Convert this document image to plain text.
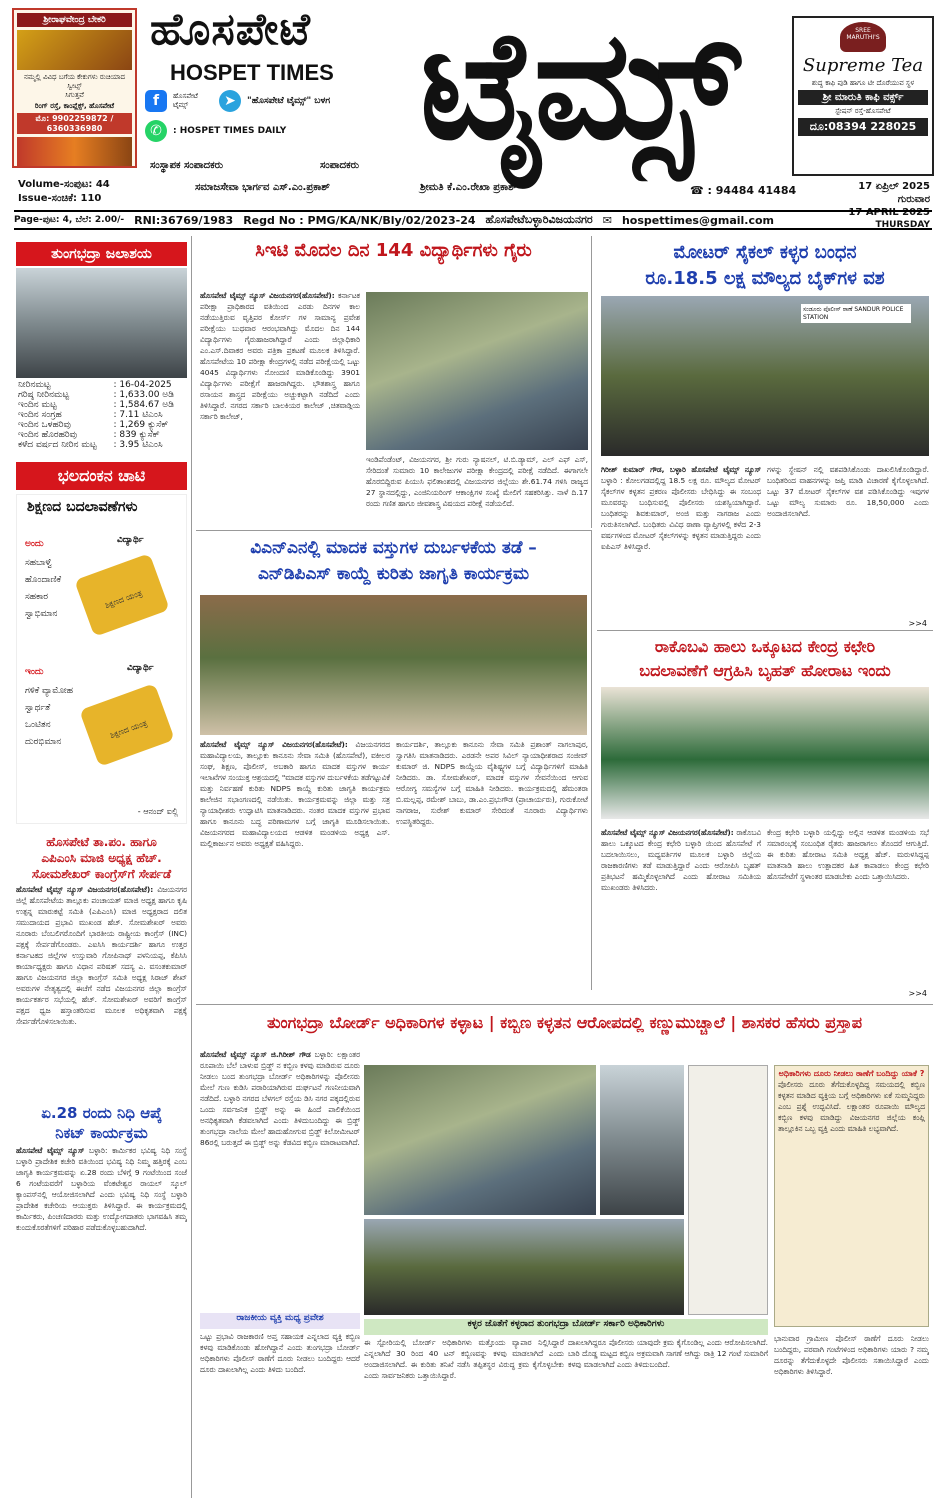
ಶ್ರೀರಾಘವೇಂದ್ರ ಬೇಕರಿ
ನಮ್ಮಲ್ಲಿ ವಿವಿಧ ಬಗೆಯ ಕೇಕುಗಳು ರುಚಿಯಾದ ಸ್ವೀಟ್ಸ್
ಸಿಗುತ್ತವೆ
ರಿಂಗ್ ರಸ್ತೆ, ಕಾಂಪ್ಲೆಕ್ಸ್, ಹೊಸಪೇಟೆ
ಮೊ: 9902259872 / 6360336980
ಹೊಸಪೇಟೆ
HOSPET TIMES ಟೈಮ್ಸ್
f	ಹೊಸಪೇಟೆ ಟೈಮ್ಸ್	➤	"ಹೊಸಪೇಟೆ ಟೈಮ್ಸ್" ಬಳಗ
✆	: HOSPET TIMES DAILY
SREE MARUTHI'S
Supreme Tea
ಶುದ್ಧ ಕಾಫಿ ಪುಡಿ ಹಾಗೂ ಟೀ ದೊರೆಯುವ ಸ್ಥಳ
ಶ್ರೀ ಮಾರುತಿ ಕಾಫಿ ವರ್ಕ್ಸ್
ಸ್ಟೇಷನ್ ರಸ್ತೆ-ಹೊಸಪೇಟೆ
ದೂ:08394 228025
ಸಂಸ್ಥಾಪಕ ಸಂಪಾದಕರು	ಸಂಪಾದಕರು
ಸಮಾಜಸೇವಾ ಭಾರ್ಗವ ಎಸ್.ಎಂ.ಪ್ರಕಾಶ್	ಶ್ರೀಮತಿ ಕೆ.ಎಂ.ರೇಖಾ ಪ್ರಕಾಶ್
Volume-ಸಂಪುಟ: 44
Issue-ಸಂಚಿಕೆ: 110
☎ : 94484 41484	17 ಏಪ್ರಿಲ್ 2025
ಗುರುವಾರ
17 APRIL 2025
THURSDAY
Page-ಪುಟ: 4, ಬೆಲೆ: 2.00/- RNI:36769/1983 Regd No : PMG/KA/NK/Bly/02/2023-24 ಹೊಸಪೇಟೆಬಳ್ಳಾರಿವಿಜಯನಗರ ✉ hospettimes@gmail.com
ತುಂಗಭದ್ರಾ ಜಲಾಶಯ
ನೀರಿನಮಟ್ಟ	: 16-04-2025
ಗರಿಷ್ಠ ನೀರಿನಮಟ್ಟ	: 1,633.00 ಅಡಿ
ಇಂದಿನ ಮಟ್ಟ	: 1,584.67 ಅಡಿ
ಇಂದಿನ ಸಂಗ್ರಹ	: 7.11 ಟಿಎಂಸಿ
ಇಂದಿನ ಒಳಹರಿವು	: 1,269 ಕ್ಯುಸೆಕ್
ಇಂದಿನ ಹೊರಹರಿವು	: 839 ಕ್ಯುಸೆಕ್
ಕಳೆದ ವರ್ಷದ ನೀರಿನ ಮಟ್ಟ	: 3.95 ಟಿಎಂಸಿ
ಭಲದಂಕನ ಚಾಟಿ
ಶಿಕ್ಷಣದ ಬದಲಾವಣೆಗಳು
ಅಂದು
ಸಹಬಾಳ್ವೆ
ಹೊಂದಾಣಿಕೆ
ಸಹಕಾರ
ಸ್ವಾಭಿಮಾನ
ವಿದ್ಯಾರ್ಥಿ
ಶಿಕ್ಷಣದ ಯಂತ್ರ
ಇಂದು
ಗಳಿಕೆ ವ್ಯಾಮೋಹ
ಸ್ವಾರ್ಥತೆ
ಒಂಟಿತನ
ದುರಭಿಮಾನ
ವಿದ್ಯಾರ್ಥಿ
ಶಿಕ್ಷಣದ ಯಂತ್ರ
- ಆನಂದ್ ಐಲ್ಲಿ
ಹೊಸಪೇಟೆ ತಾ.ಪಂ. ಹಾಗೂ
ಎಪಿಎಂಸಿ ಮಾಜಿ ಅಧ್ಯಕ್ಷ ಹೆಚ್.
ಸೋಮಶೇಖರ್ ಕಾಂಗ್ರೆಸ್‌ಗೆ ಸೇರ್ಪಡೆ
ಹೊಸಪೇಟೆ ಟೈಮ್ಸ್ ನ್ಯೂಸ್ ವಿಜಯನಗರ(ಹೊಸಪೇಟೆ): ವಿಜಯನಗರ ಜಿಲ್ಲೆ ಹೊಸಪೇಟೆಯ ತಾಲ್ಲೂಕು ಪಂಚಾಯತ್ ಮಾಜಿ ಅಧ್ಯಕ್ಷ ಹಾಗೂ ಕೃಷಿ ಉತ್ಪನ್ನ ಮಾರುಕಟ್ಟೆ ಸಮಿತಿ (ಎಪಿಎಂಸಿ) ಮಾಜಿ ಅಧ್ಯಕ್ಷರಾದ ದಲಿತ ಸಮುದಾಯದ ಪ್ರಭಾವಿ ಮುಖಂಡ ಹೆಚ್. ಸೋಮಶೇಖರ್ ಅವರು ನೂರಾರು ಬೆಂಬಲಿಗರೊಂದಿಗೆ ಭಾರತೀಯ ರಾಷ್ಟ್ರೀಯ ಕಾಂಗ್ರೆಸ್ (INC) ಪಕ್ಷಕ್ಕೆ ಸೇರ್ಪಡೆಗೊಂಡರು. ಎಐಸಿಸಿ ಕಾರ್ಯದರ್ಶಿ ಹಾಗೂ ಉತ್ತರ ಕರ್ನಾಟಕದ ಜಿಲ್ಲೆಗಳ ಉಸ್ತುವಾರಿ ಗೋಪಿನಾಥ್ ಪಳನಿಯಪ್ಪ, ಕೆಪಿಸಿಸಿ ಕಾರ್ಯಾಧ್ಯಕ್ಷರು ಹಾಗೂ ವಿಧಾನ ಪರಿಷತ್ ಸದಸ್ಯ ಎ. ವಸಂತಕುಮಾರ್ ಹಾಗೂ ವಿಜಯನಗರ ಜಿಲ್ಲಾ ಕಾಂಗ್ರೆಸ್ ಸಮಿತಿ ಅಧ್ಯಕ್ಷ ಸಿರಾಜ್ ಶೇಖ್ ಅವರುಗಳ ನೇತೃತ್ವದಲ್ಲಿ ಈಚೆಗೆ ನಡೆದ ವಿಜಯನಗರ ಜಿಲ್ಲಾ ಕಾಂಗ್ರೆಸ್ ಕಾರ್ಯಕರ್ತರ ಸಭೆಯಲ್ಲಿ ಹೆಚ್. ಸೋಮಶೇಖರ್ ಅವರಿಗೆ ಕಾಂಗ್ರೆಸ್ ಪಕ್ಷದ ಧ್ವಜ ಹಸ್ತಾಂತರಿಸುವ ಮೂಲಕ ಅಧಿಕೃತವಾಗಿ ಪಕ್ಷಕ್ಕೆ ಸೇರ್ಪಡೆಗೊಳಿಸಲಾಯಿತು.
ಏ.28 ರಂದು ನಿಧಿ ಆಪ್ಕೆ
ನಿಕಟ್ ಕಾರ್ಯಕ್ರಮ
ಹೊಸಪೇಟೆ ಟೈಮ್ಸ್ ನ್ಯೂಸ್ ಬಳ್ಳಾರಿ: ಕಾರ್ಮಿಕರ ಭವಿಷ್ಯ ನಿಧಿ ಸಂಸ್ಥೆ ಬಳ್ಳಾರಿ ಪ್ರಾದೇಶಿಕ ಕಚೇರಿ ವತಿಯಿಂದ ಭವಿಷ್ಯ ನಿಧಿ ನಿಮ್ಮ ಹತ್ತಿರಕ್ಕೆ ಎಂಬ ಜಾಗೃತಿ ಕಾರ್ಯಕ್ರಮವನ್ನು ಏ.28 ರಂದು ಬೆಳಿಗ್ಗೆ 9 ಗಂಟೆಯಿಂದ ಸಂಜೆ 6 ಗಂಟೆಯವರೆಗೆ ಬಳ್ಳಾರಿಯ ವೆಂಕಟೇಶ್ವರ ರಾಯಲ್ ಸ್ಕೂಲ್ ಕ್ಯಾಂಪಸ್‌ನಲ್ಲಿ ಆಯೋಜಿಸಲಾಗಿದೆ ಎಂದು ಭವಿಷ್ಯ ನಿಧಿ ಸಂಸ್ಥೆ ಬಳ್ಳಾರಿ ಪ್ರಾದೇಶಿಕ ಕಚೇರಿಯ ಆಯುಕ್ತರು ತಿಳಿಸಿದ್ದಾರೆ. ಈ ಕಾರ್ಯಕ್ರಮದಲ್ಲಿ ಕಾರ್ಮಿಕರು, ಪಿಂಚಣಿದಾರರು ಮತ್ತು ಉದ್ಯೋಗದಾತರು ಭಾಗವಹಿಸಿ ತಮ್ಮ ಕುಂದುಕೊರತೆಗಳಿಗೆ ಪರಿಹಾರ ಪಡೆದುಕೊಳ್ಳಬಹುದಾಗಿದೆ.
ಸಿಇಟಿ ಮೊದಲ ದಿನ 144 ವಿದ್ಯಾರ್ಥಿಗಳು ಗೈರು
ಹೊಸಪೇಟೆ ಟೈಮ್ಸ್ ನ್ಯೂಸ್ ವಿಜಯನಗರ(ಹೊಸಪೇಟೆ): ಕರ್ನಾಟಕ ಪರೀಕ್ಷಾ ಪ್ರಾಧಿಕಾರದ ವತಿಯಿಂದ ಎರಡು ದಿನಗಳ ಕಾಲ ನಡೆಯುತ್ತಿರುವ ವೃತ್ತಿಪರ ಕೋರ್ಸ್ ಗಳ ಸಾಮಾನ್ಯ ಪ್ರವೇಶ ಪರೀಕ್ಷೆಯು ಬುಧವಾರ ಆರಂಭವಾಗಿದ್ದು ಮೊದಲ ದಿನ 144 ವಿದ್ಯಾರ್ಥಿಗಳು ಗೈರುಹಾಜರಾಗಿದ್ದಾರೆ ಎಂದು ಜಿಲ್ಲಾಧಿಕಾರಿ ಎಂ.ಎಸ್.ದಿವಾಕರ ಅವರು ಪತ್ರಿಕಾ ಪ್ರಕಟಣೆ ಮೂಲಕ ತಿಳಿಸಿದ್ದಾರೆ. ಹೊಸಪೇಟೆಯ 10 ಪರೀಕ್ಷಾ ಕೇಂದ್ರಗಳಲ್ಲಿ ನಡೆದ ಪರೀಕ್ಷೆಯಲ್ಲಿ ಒಟ್ಟು 4045 ವಿದ್ಯಾರ್ಥಿಗಳು ನೋಂದಣಿ ಮಾಡಿಕೊಂಡಿದ್ದು 3901 ವಿದ್ಯಾರ್ಥಿಗಳು ಪರೀಕ್ಷೆಗೆ ಹಾಜರಾಗಿದ್ದರು. ಭೌತಶಾಸ್ತ್ರ ಹಾಗೂ ರಸಾಯನ ಶಾಸ್ತ್ರದ ಪರೀಕ್ಷೆಯು ಅಚ್ಚುಕಟ್ಟಾಗಿ ನಡೆದಿದೆ ಎಂದು ತಿಳಿಸಿದ್ದಾರೆ. ನಗರದ ಸರ್ಕಾರಿ ಬಾಲಕಿಯರ ಕಾಲೇಜ್ ,ಚಿತವಾಡ್ಗಿಯ ಸರ್ಕಾರಿ ಕಾಲೇಜ್,
ಇಂಡಿಪೆಂಡೆಂಟ್, ವಿಜಯನಗರ, ಶ್ರೀ ಗುರು ನ್ಯಾಷನಲ್, ಟಿ.ಬಿ.ಡ್ಯಾಮ್, ಎಲ್ ಎಫ್ ಎಸ್, ಸೇರಿದಂತೆ ಸುಮಾರು 10 ಕಾಲೇಜುಗಳ ಪರೀಕ್ಷಾ ಕೇಂದ್ರದಲ್ಲಿ ಪರೀಕ್ಷೆ ನಡೆದಿದೆ. ಈಗಾಗಲೇ ಹೊರಬಿದ್ದಿರುವ ಪಿಯುಸಿ ಫಲಿತಾಂಶದಲ್ಲಿ ವಿಜಯನಗರ ಜಿಲ್ಲೆಯು ಶೇ.61.74 ಗಳಿಸಿ ರಾಜ್ಯದ 27 ಸ್ಥಾನದಲ್ಲಿದ್ದು, ಎಂಜಿನಿಯರಿಂಗ್ ಆಕಾಂಕ್ಷಿಗಳ ಸಂಖ್ಯೆ ಮೇಲಿಗೆ ಸಹಕರಿಸಿತ್ತು. ನಾಳೆ ದಿ.17 ರಂದು ಗಣಿತ ಹಾಗೂ ಜೀವಶಾಸ್ತ್ರ ವಿಷಯದ ಪರೀಕ್ಷೆ ನಡೆಯಲಿದೆ.
ಮೋಟರ್ ಸೈಕಲ್ ಕಳ್ಳರ ಬಂಧನ
ರೂ.18.5 ಲಕ್ಷ ಮೌಲ್ಯದ ಬೈಕ್‌ಗಳ ವಶ
ಸಂಡೂರು ಪೊಲೀಸ್ ಠಾಣೆ SANDUR POLICE STATION
ಗಿರೀಶ್ ಕುಮಾರ್ ಗೌಡ, ಬಳ್ಳಾರಿ ಹೊಸಪೇಟೆ ಟೈಮ್ಸ್ ನ್ಯೂಸ್ ಬಳ್ಳಾರಿ : ಕೋಲಗಡದಲ್ಲಿದ್ದ 18.5 ಲಕ್ಷ ರೂ. ಮೌಲ್ಯದ ಮೋಟರ್ ಸೈಕಲ್‌ಗಳ ಕಳ್ಳತನ ಪ್ರಕರಣ ಪೊಲೀಸರು ಬೇಧಿಸಿದ್ದು ಈ ಸಂಬಂಧ ಮೂವರನ್ನು ಬಂಧಿಸುವಲ್ಲಿ ಪೊಲೀಸರು ಯಶಸ್ವಿಯಾಗಿದ್ದಾರೆ. ಬಂಧಿತರನ್ನು ಶಿವಕುಮಾರ್, ಅಂಜಿ ಮತ್ತು ನಾಗರಾಜ ಎಂದು ಗುರುತಿಸಲಾಗಿದೆ. ಬಂಧಿತರು ವಿವಿಧ ಠಾಣಾ ವ್ಯಾಪ್ತಿಗಳಲ್ಲಿ ಕಳೆದ 2-3 ವರ್ಷಗಳಿಂದ ಮೋಟರ್ ಸೈಕಲ್‌ಗಳನ್ನು ಕಳ್ಳತನ ಮಾಡುತ್ತಿದ್ದರು ಎಂದು ಐಪಿಎಸ್ ತಿಳಿಸಿದ್ದಾರೆ.
ಗಳನ್ನು ಸ್ಥೇಷನ್ ನಲ್ಲಿ ವಶಪಡಿಸಿಕೊಂಡು ದಾಖಲಿಸಿಕೊಂಡಿದ್ದಾರೆ. ಬಂಧಿತರಿಂದ ವಾಹನಗಳನ್ನು ಜಪ್ತಿ ಮಾಡಿ ವಿಚಾರಣೆ ಕೈಗೊಳ್ಳಲಾಗಿದೆ. ಒಟ್ಟು 37 ಮೋಟರ್ ಸೈಕಲ್‌ಗಳ ವಶ ಪಡಿಸಿಕೊಂಡಿದ್ದು ಇವುಗಳ ಒಟ್ಟು ಮೌಲ್ಯ ಸುಮಾರು ರೂ. 18,50,000 ಎಂದು ಅಂದಾಜಿಸಲಾಗಿದೆ.
>>4
ವಿಎನ್ಎನಲ್ಲಿ ಮಾದಕ ವಸ್ತುಗಳ ದುರ್ಬಳಕೆಯ ತಡೆ –
ಎನ್‌ಡಿಪಿಎಸ್ ಕಾಯ್ದೆ ಕುರಿತು ಜಾಗೃತಿ ಕಾರ್ಯಕ್ರಮ
ಹೊಸಪೇಟೆ ಟೈಮ್ಸ್ ನ್ಯೂಸ್ ವಿಜಯನಗರ(ಹೊಸಪೇಟೆ): ವಿಜಯನಗರದ ಮಹಾವಿದ್ಯಾಲಯ, ತಾಲ್ಲೂಕು ಕಾನೂನು ಸೇವಾ ಸಮಿತಿ (ಹೊಸಪೇಟೆ), ವಕೀಲರ ಸಂಘ, ಶಿಕ್ಷಣ, ಪೊಲೀಸ್, ಅಬಕಾರಿ ಹಾಗೂ ಮಾದಕ ವಸ್ತುಗಳ ಕಾರ್ಯ ಇಲಾಖೆಗಳ ಸಂಯುಕ್ತ ಆಶ್ರಯದಲ್ಲಿ "ಮಾದಕ ವಸ್ತುಗಳ ದುರ್ಬಳಕೆಯ ತಡೆಗಟ್ಟುವಿಕೆ ಮತ್ತು ನಿರ್ವಹಣೆ ಕುರಿತು NDPS ಕಾಯ್ದೆ ಕುರಿತು ಜಾಗೃತಿ ಕಾರ್ಯಕ್ರಮ ಕಾಲೇಜಿನ ಸಭಾಂಗಣದಲ್ಲಿ ನಡೆಯಿತು. ಕಾರ್ಯಕ್ರಮವನ್ನು ಜಿಲ್ಲಾ ಮತ್ತು ಸತ್ರ ನ್ಯಾಯಾಧೀಶರು ಉದ್ಘಾಟಿಸಿ ಮಾತನಾಡಿದರು. ನಂತರ ಮಾದಕ ವಸ್ತುಗಳ ಪ್ರಭಾವ ಹಾಗೂ ಕಾನೂನು ಬದ್ಧ ಪರಿಣಾಮಗಳ ಬಗ್ಗೆ ಜಾಗೃತಿ ಮೂಡಿಸಲಾಯಿತು. ವಿಜಯನಗರದ ಮಹಾವಿದ್ಯಾಲಯದ ಆಡಳಿತ ಮಂಡಳಿಯ ಅಧ್ಯಕ್ಷ ಎಸ್. ಮಲ್ಲಿಕಾರ್ಜುನ ಅವರು ಅಧ್ಯಕ್ಷತೆ ವಹಿಸಿದ್ದರು.
ಕಾರ್ಯದರ್ಶಿ, ತಾಲ್ಲೂಕು ಕಾನೂನು ಸೇವಾ ಸಮಿತಿ ಪ್ರಶಾಂತ್ ನಾಗಲಾಪುರ, ಸ್ವಾಗತಿಸಿ ಮಾತನಾಡಿದರು. ಎರಡನೇ ಅಪರ ಸಿವಿಲ್ ನ್ಯಾಯಾಧೀಶರಾದ ಸಂಜೀವ್ ಕುಮಾರ್ ಜಿ. NDPS ಕಾಯ್ದೆಯ ವೈಶಿಷ್ಟ್ಯಗಳ ಬಗ್ಗೆ ವಿದ್ಯಾರ್ಥಿಗಳಿಗೆ ಮಾಹಿತಿ ನೀಡಿದರು. ಡಾ. ಸೋಮಶೇಖರ್, ಮಾದಕ ವಸ್ತುಗಳ ಸೇವನೆಯಿಂದ ಆಗುವ ಆರೋಗ್ಯ ಸಮಸ್ಯೆಗಳ ಬಗ್ಗೆ ಮಾಹಿತಿ ನೀಡಿದರು. ಕಾರ್ಯಕ್ರಮದಲ್ಲಿ ಹೆಮಂತರಾ ಬಿ.ಮಲ್ಲಪ್ಪ, ರಮೇಶ್ ಬಾಬು, ಡಾ.ಎಂ.ಪ್ರಭುಗೌಡ (ಪ್ರಾಚಾರ್ಯರು), ಗುರುಕೋಟೆ ನಾಗರಾಜ, ಸುರೇಶ್ ಕುಮಾರ್ ಸೇರಿದಂತೆ ನೂರಾರು ವಿದ್ಯಾರ್ಥಿಗಳು ಉಪಸ್ಥಿತರಿದ್ದರು.
ರಾಕೊಬವಿ ಹಾಲು ಒಕ್ಕೂಟದ ಕೇಂದ್ರ ಕಛೇರಿ
ಬದಲಾವಣೆಗೆ ಆಗ್ರಹಿಸಿ ಬೃಹತ್ ಹೋರಾಟ ಇಂದು
ಹೊಸಪೇಟೆ ಟೈಮ್ಸ್ ನ್ಯೂಸ್ ವಿಜಯನಗರ(ಹೊಸಪೇಟೆ): ರಾಕೊಬವಿ ಹಾಲು ಒಕ್ಕೂಟದ ಕೇಂದ್ರ ಕಛೇರಿ ಬಳ್ಳಾರಿ ಯಿಂದ ಹೊಸಪೇಟೆ ಗೆ ಬದಲಾಯಿಸಲು, ಮಧ್ಯವರ್ತಿಗಳ ಮೂಲಕ ಬಳ್ಳಾರಿ ಜಿಲ್ಲೆಯ ರಾಜಕಾರಣಿಗಳು ತಡೆ ಮಾಡುತ್ತಿದ್ದಾರೆ ಎಂದು ಆರೋಪಿಸಿ ಬೃಹತ್ ಪ್ರತಿಭಟನೆ ಹಮ್ಮಿಕೊಳ್ಳಲಾಗಿದೆ ಎಂದು ಹೋರಾಟ ಸಮಿತಿಯ ಮುಖಂಡರು ತಿಳಿಸಿದರು.
ಕೇಂದ್ರ ಕಛೇರಿ ಬಳ್ಳಾರಿ ಯಲ್ಲಿದ್ದು ಅಲ್ಲಿನ ಆಡಳಿತ ಮಂಡಳಿಯ ಸಭೆ ಸಮಾರಂಭಕ್ಕೆ ಸಂಬಂಧಿತ ರೈತರು ಹಾಜರಾಗಲು ತೊಂದರೆ ಆಗುತ್ತಿದೆ. ಈ ಕುರಿತು ಹೋರಾಟ ಸಮಿತಿ ಅಧ್ಯಕ್ಷ ಹೆಚ್. ಮರುಳಸಿದ್ದಪ್ಪ ಮಾತನಾಡಿ ಹಾಲು ಉತ್ಪಾದಕರ ಹಿತ ಕಾಪಾಡಲು ಕೇಂದ್ರ ಕಛೇರಿ ಹೊಸಪೇಟೆಗೆ ಸ್ಥಳಾಂತರ ಮಾಡಬೇಕು ಎಂದು ಒತ್ತಾಯಿಸಿದರು.
>>4
ತುಂಗಭದ್ರಾ ಬೋರ್ಡ್ ಅಧಿಕಾರಿಗಳ ಕಳ್ಳಾಟ | ಕಬ್ಬಿಣ ಕಳ್ಳತನ ಆರೋಪದಲ್ಲಿ ಕಣ್ಣುಮುಚ್ಚಾಲೆ | ಶಾಸಕರ ಹೆಸರು ಪ್ರಸ್ತಾಪ
ಹೊಸಪೇಟೆ ಟೈಮ್ಸ್ ನ್ಯೂಸ್ ಜಿ.ಗಿರೀಶ್ ಗೌಡ ಬಳ್ಳಾರಿ: ಲಕ್ಷಾಂತರ ರೂಪಾಯಿ ಬೆಲೆ ಬಾಳುವ ಬ್ರಿಡ್ಜ್ ನ ಕಬ್ಬಿಣ ಕಳವು ಮಾಡಿರುವ ದೂರು ನೀಡಲು ಬಂದ ತುಂಗಭದ್ರಾ ಬೋರ್ಡ್ ಅಧಿಕಾರಿಗಳನ್ನು ಪೊಲೀಸರು ಮೇಲೆ ಗುಣ ಕುಡಿಸಿ ಪರಾರಿಯಾಗಿರುವ ದುರ್ಘಟನೆ ಗಣನೀಯವಾಗಿ ನಡೆದಿದೆ. ಬಳ್ಳಾರಿ ನಗರದ ಬೆಳಗಲ್ ರಸ್ತೆಯ ಡಿಸಿ ನಗರ ಪಕ್ಕದಲ್ಲಿರುವ ಒಂದು ಸರ್ವಜನಿಕ ಬ್ರಿಡ್ಜ್ ಅನ್ನು ಈ ಹಿಂದೆ ಪಾಲಿಕೆಯಿಂದ ಅನಧಿಕೃತವಾಗಿ ಕೆಡವಲಾಗಿದೆ ಎಂದು ತಿಳಿದುಬಂದಿದ್ದು ಈ ಬ್ರಿಡ್ಜ್ ತುಂಗಭದ್ರಾ ನಾಲೆಯ ಮೇಲೆ ಹಾದುಹೋಗುವ ಬ್ರಿಡ್ಜ್ ಕಿಲೋಮೀಟರ್ 86ರಲ್ಲಿ ಬರುತ್ತದೆ ಈ ಬ್ರಿಡ್ಜ್ ಅನ್ನು ಕೆಡವಿದ ಕಬ್ಬಿಣ ಮಾರಾಟವಾಗಿದೆ.
ರಾಜಕೀಯ ವ್ಯಕ್ತಿ ಮಧ್ಯ ಪ್ರವೇಶ
ಒಟ್ಟು ಪ್ರಭಾವಿ ರಾಜಕಾರಣಿ ಅಪ್ತ ಸಹಾಯಕ ಎನ್ನಲಾದ ವ್ಯಕ್ತಿ ಕಬ್ಬಿಣ ಕಳವು ಮಾಡಿಕೊಂಡು ಹೋಗಿದ್ದಾನೆ ಎಂದು ತುಂಗಭದ್ರಾ ಬೋರ್ಡ್ ಅಧಿಕಾರಿಗಳು ಪೊಲೀಸ್ ಠಾಣೆಗೆ ದೂರು ನೀಡಲು ಬಂದಿದ್ದರು ಆದರೆ ದೂರು ದಾಖಲಾಗಿಲ್ಲ ಎಂದು ತಿಳಿದು ಬಂದಿದೆ.
ಕಳ್ಳರ ಜೊತೆಗೆ ಕಳ್ಳರಾದ ತುಂಗಭದ್ರಾ ಬೋರ್ಡ್ ಸರ್ಕಾರಿ ಅಧಿಕಾರಿಗಳು
ಈ ಸ್ಟೋರಿಯಲ್ಲಿ ಬೋರ್ಡ್ ಅಧಿಕಾರಿಗಳು ಮತ್ತೊಂದು ವ್ಯಾಪಾರ ನಿಲ್ಲಿಸಿದ್ದಾರೆ ಎನ್ನಲಾಗಿದೆ 30 ರಿಂದ 40 ಟನ್ ಕಬ್ಬಿಣವನ್ನು ಕಳವು ಮಾಡಲಾಗಿದೆ ಎಂದು ಅಂದಾಜಿಸಲಾಗಿದೆ. ಈ ಕುರಿತು ತನಿಖೆ ನಡೆಸಿ ತಪ್ಪಿತಸ್ಥರ ವಿರುದ್ಧ ಕ್ರಮ ಕೈಗೊಳ್ಳಬೇಕು ಎಂದು ಸಾರ್ವಜನಿಕರು ಒತ್ತಾಯಿಸಿದ್ದಾರೆ.
ದಾಖಲಾಗಿದ್ದರೂ ಪೊಲೀಸರು ಯಾವುದೇ ಕ್ರಮ ಕೈಗೊಂಡಿಲ್ಲ ಎಂದು ಆರೋಪಿಸಲಾಗಿದೆ. ಬಾರಿ ದೊಡ್ಡ ಮಟ್ಟದ ಕಬ್ಬಿಣ ಅಕ್ರಮವಾಗಿ ಸಾಗಣೆ ಆಗಿದ್ದು ರಾತ್ರಿ 12 ಗಂಟೆ ಸುಮಾರಿಗೆ ಕಳವು ಮಾಡಲಾಗಿದೆ ಎಂದು ತಿಳಿದುಬಂದಿದೆ.
ಅಧಿಕಾರಿಗಳು ದೂರು ನೀಡಲು ಠಾಣೆಗೆ ಬಂದಿದ್ದು ಯಾಕೆ ?
ಪೊಲೀಸರು ದೂರು ತೆಗೆದುಕೊಳ್ಳದಿದ್ದ ಸಮಯದಲ್ಲಿ ಕಬ್ಬಿಣ ಕಳ್ಳತನ ಮಾಡಿದ ವ್ಯಕ್ತಿಯ ಬಗ್ಗೆ ಅಧಿಕಾರಿಗಳು ಏಕೆ ಸುಮ್ಮನಿದ್ದರು ಎಂಬ ಪ್ರಶ್ನೆ ಉದ್ಭವಿಸಿದೆ. ಲಕ್ಷಾಂತರ ರೂಪಾಯಿ ಮೌಲ್ಯದ ಕಬ್ಬಿಣ ಕಳವು ಮಾಡಿದ್ದು ವಿಜಯನಗರ ಜಿಲ್ಲೆಯ ಕಂಪ್ಲಿ ತಾಲ್ಲೂಕಿನ ಒಬ್ಬ ವ್ಯಕ್ತಿ ಎಂದು ಮಾಹಿತಿ ಲಭ್ಯವಾಗಿದೆ.
ಭಾನುವಾರ ಗ್ರಾಮೀಣ ಪೊಲೀಸ್ ಠಾಣೆಗೆ ದೂರು ನೀಡಲು ಬಂದಿದ್ದರು, ಪರವಾಗಿ ಗಂಟೆಗಳಿಂದ ಅಧಿಕಾರಿಗಳು ಯಾರು ? ನಮ್ಮ ದೂರನ್ನು ತೆಗೆದುಕೊಳ್ಳದೇ ಪೊಲೀಸರು ಸತಾಯಿಸಿದ್ದಾರೆ ಎಂದು ಅಧಿಕಾರಿಗಳು ತಿಳಿಸಿದ್ದಾರೆ.
